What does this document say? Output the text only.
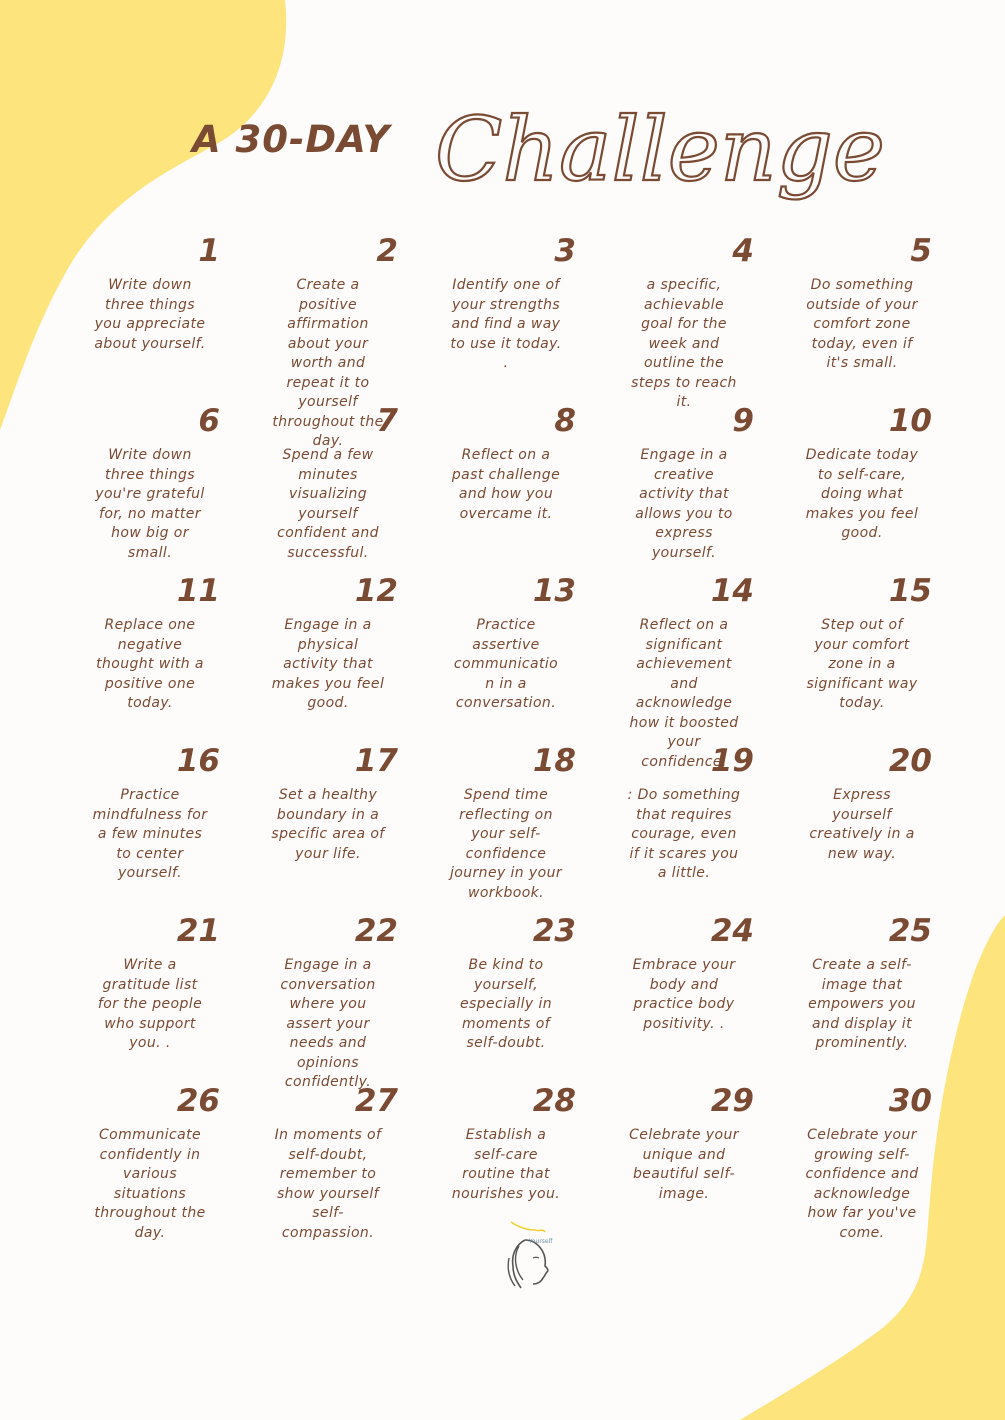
A 30-DAY Challenge
1
Write down three things you appreciate about yourself.
2
Create a positive affirmation about your worth and repeat it to yourself throughout the day.
3
Identify one of your strengths and find a way to use it today. .
4
a specific, achievable goal for the week and outline the steps to reach it.
5
Do something outside of your comfort zone today, even if it's small.
6
Write down three things you're grateful for, no matter how big or small.
7
Spend a few minutes visualizing yourself confident and successful.
8
Reflect on a past challenge and how you overcame it.
9
Engage in a creative activity that allows you to express yourself.
10
Dedicate today to self-care, doing what makes you feel good.
11
Replace one negative thought with a positive one today.
12
Engage in a physical activity that makes you feel good.
13
Practice assertive communicatio n in a conversation.
14
Reflect on a significant achievement and acknowledge how it boosted your confidence.
15
Step out of your comfort zone in a significant way today.
16
Practice mindfulness for a few minutes to center yourself.
17
Set a healthy boundary in a specific area of your life.
18
Spend time reflecting on your self-confidence journey in your workbook.
19
: Do something that requires courage, even if it scares you a little.
20
Express yourself creatively in a new way.
21
Write a gratitude list for the people who support you. .
22
Engage in a conversation where you assert your needs and opinions confidently.
23
Be kind to yourself, especially in moments of self-doubt.
24
Embrace your body and practice body positivity. .
25
Create a self-image that empowers you and display it prominently.
26
Communicate confidently in various situations throughout the day.
27
In moments of self-doubt, remember to show yourself self-compassion.
28
Establish a self-care routine that nourishes you.
29
Celebrate your unique and beautiful self-image.
30
Celebrate your growing self-confidence and acknowledge how far you've come.
Yourself
